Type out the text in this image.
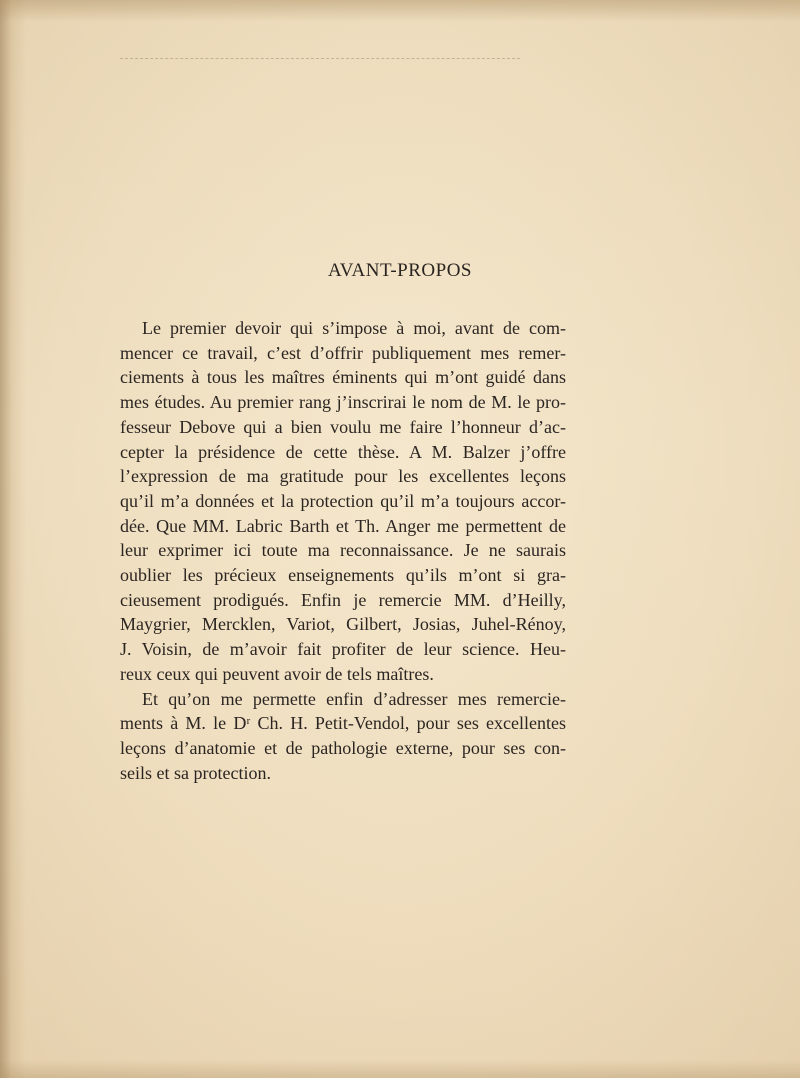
AVANT-PROPOS
Le premier devoir qui s’impose à moi, avant de com-
mencer ce travail, c’est d’offrir publiquement mes remer-
ciements à tous les maîtres éminents qui m’ont guidé dans
mes études. Au premier rang j’inscrirai le nom de M. le pro-
fesseur Debove qui a bien voulu me faire l’honneur d’ac-
cepter la présidence de cette thèse. A M. Balzer j’offre
l’expression de ma gratitude pour les excellentes leçons
qu’il m’a données et la protection qu’il m’a toujours accor-
dée. Que MM. Labric Barth et Th. Anger me permettent de
leur exprimer ici toute ma reconnaissance. Je ne saurais
oublier les précieux enseignements qu’ils m’ont si gra-
cieusement prodigués. Enfin je remercie MM. d’Heilly,
Maygrier, Mercklen, Variot, Gilbert, Josias, Juhel-Rénoy,
J. Voisin, de m’avoir fait profiter de leur science. Heu-
reux ceux qui peuvent avoir de tels maîtres.
Et qu’on me permette enfin d’adresser mes remercie-
ments à M. le Dʳ Ch. H. Petit-Vendol, pour ses excellentes
leçons d’anatomie et de pathologie externe, pour ses con-
seils et sa protection.
